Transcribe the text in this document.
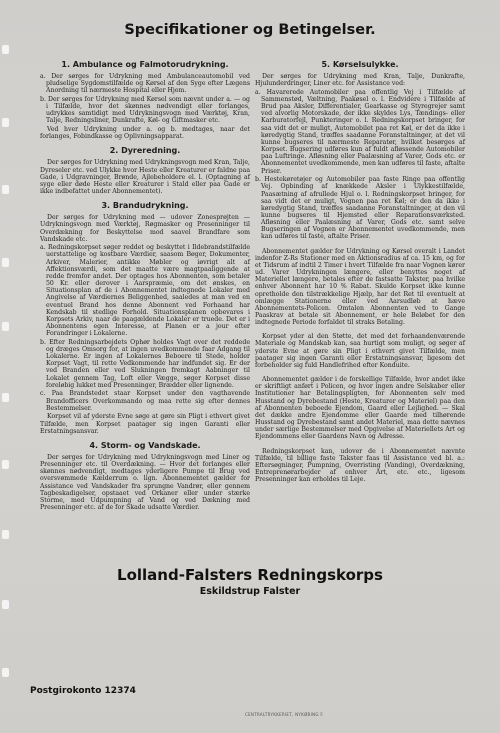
Specifikationer og Betingelser.
1. Ambulance og Falmotorudrykning.

a. Der sørges for Udrykning med Ambulanceautomobil ved pludselige Sygdomstilfælde og Kørsel af den Syge efter Lægens Anordning til nærmeste Hospital eller Hjem.

b. Der sørges for Udrykning med Kørsel som nævnt under a. — og i Tilfælde, hvor det skønnes nødvendigt eller forlanges, udrykkes samtidigt med Udrykningsvogn med Værktøj, Kran, Talje, Redningsliner, Dunkrafte, Køl- og Giftmasker etc.

Ved hver Udrykning under a. og b. medtages, naar det forlanges, Fobindkasse og Oplivningsapparat.

2. Dyreredning.

Der sørges for Udrykning med Udrykningsvogn med Kran, Talje, Dyreseler etc. ved Ulykke hvor Heste eller Kreaturer er faldne paa Gade, i Udgravninger, Brønde, Ajlebeholdere el. l. (Optagning af syge eller døde Heste eller Kreaturer i Stald eller paa Gade er ikke indbefattet under Abonnementet).

3. Brandudrykning.

Der sørges for Udrykning med — udover Zonesprøjten — Udrykningsvogn med Værktøj, Røgmasker og Presenninger til Overdækning for Beskyttelse mod saavel Brandfare som Vandskade etc.

a. Redningskorpset søger reddet og beskyttet i Ildebrandstilfælde uerstattelige og kostbare Værdier, saasom Bøger, Dokumenter, Arkiver, Malerier, antikke Møbler og iøvrigt alt af Affektionsværdi, som det maatte være magtpaaliggende at redde fremfor andet. Der optages hos Abonnenten, som betaler 50 Kr. eller derover i Aarspræmie, om det ønskes, en Situationsplan af de i Abonnementet indtegnede Lokaler med Angivelse af Værdiernes Beliggenhed, saaledes at man ved en eventuel Brand hos denne Abonnent ved Forhaand har Kendskab til stedlige Forhold. Situationsplanen opbevares i Korpsets Arkiv, naar de paagældende Lokaler er truede. Det er i Abonnentens egen Interesse, at Planen er a jour efter Forandringer i Lokalerne.

b. Efter Redningsarbejdets Ophør holdes Vagt over det reddede og dræges Omsorg for, at ingen uvedkommende faar Adgang til Lokalerne. Er ingen af Lokalernes Beboere til Stede, holder Korpset Vagt, til rette Vedkommende har indfundet sig. Er der ved Branden eller ved Slukningen fremkagt Aabninger til Lokalet gennem Tag, Loft eller Vægge, søger Korpset disse foreløbig lukket med Presenninger, Brædder eller lignende.

c. Paa Brandstedet staar Korpset under den vagthavende Brandofficers Overkommando og maa rette sig efter dennes Bestemmelser.

Korpset vil af yderste Evne søge at gøre sin Pligt i ethvert givet Tilfælde, men Korpset paatager sig ingen Garanti eller Erstatningsansvar.

4. Storm- og Vandskade.

Der sørges for Udrykning med Udrykningsvogn med Liner og Presenninger etc. til Overdækning. — Hvor det forlanges eller skønnes nødvendigt, medtages yderligere Pumpe til Brug ved oversvømmede Kælderrum o. lign. Abonnementet gælder for Assistance ved Vandskader fra sprungne Vandrør, eller gennem Tagbeskadigelser, opstaaet ved Orkaner eller under stærke Storme, med Udpumpning af Vand og ved Dækning med Presenninger etc. af de for Skade udsatte Værdier.

5. Kørselsulykke.

Der sørges for Udrykning med Kran, Talje, Dunkrafte, Hjulunderdringer, Liner etc. for Assistance ved:

a. Havarerede Automobiler paa offentlig Vej i Tilfælde af Sammenstød, Væltning, Paakøsel o. l. Endvidere i Tilfælde af Brud paa Aksler, Differentialer, Gearkasse og Styregrejer samt ved alvorlig Motorskade, der ikke skyldes Lys, Tændings- eller Karburatorfejl, Punkteringer o. l. Redningskorpset bringer, for saa vidt det er muligt, Automobilet paa ret Køl, er det da ikke i køredygtig Stand, træffes saadanne Foranstaltninger, at det vil kunne bugseres til nærmeste Reparatør, hvilket besørges af Korpset. Bugsering udføres kun af fuldt afløssende Automobiler paa Luftringe. Afløsning eller Paalæsning af Varer, Gods etc. er Abonnementet uvedkommende, men kan udføres til faste, aftalte Priser.

b. Hestekøretøjer og Automobiler paa faste Ringe paa offentlig Vej. Opbinding af knækkede Aksler i Ulykkestilfælde, Paasætning af afrullede Hjul o. l. Redningskorpset bringer, for saa vidt det er muligt, Vognen paa ret Køl; er den da ikke i køredygtig Stand, træffes saadanne Foranstaltninger, at den vil kunne bugseres til Hjemsted eller Reparationsværksted. Afløsning eller Paalæsning af Varer, Gods etc. samt selve Bugseringen af Vognen er Abonnementet uvedkommende, men kan udføres til faste, aftalte Priser.

Abonnementet gælder for Udrykning og Kørsel overalt i Landet indenfor Z-Rs Stationer med en Aktionsradius af ca. 15 km, og for et Tidsrum af indtil 2 Timer i hvert Tilfælde fra naar Vognen kører ud. Varer Udrykningen længere, eller benyttes noget af Materiellet længere, betales efter de fastsatte Takster, paa hvilke enhver Abonnent har 10 % Rabat. Skulde Korpset ikke kunne opretholde den tilstrækkelige Hjælp, har det Ret til eventuelt at omlægge Stationerne eller ved Aarsudløb at hæve Abonnementets-Policen. Omtalen Abonnenten ved to Gange Paaskrav at betale sit Abonnement, er hele Beløbet for den indtegnede Periode forfaldet til straks Betaling.

Korpset yder al den Støtte, det med det forhaandenværende Materiale og Mandskab kan, saa hurtigt som muligt, og søger af yderste Evne at gøre sin Pligt i ethvert givet Tilfælde, men paatager sig ingen Garanti eller Erstatningsansvar, ligesom det forbeholder sig fuld Handlefrihed efter Konduite.

Abonnementet gælder i de forskellige Tilfælde, hvor andet ikke er skriftligt anført i Policen, og hvor ingen andre Selskaber eller Institutioner har Betalingspligten, for Abonnenten selv med Husstand og Dyrebestand (Heste, Kreaturer og Materiel) paa den af Abonnenten beboede Ejendom, Gaard eller Lejlighed. — Skal det dække andre Ejendomme eller Gaarde med tilhørende Husstand og Dyrebestand samt andet Materiel, maa dette nævnes under særlige Bestemmelser med Opgivelse af Materiellets Art og Ejendommens eller Gaardens Navn og Adresse.

Redningskorpset kan, udover de i Abonnementet nævnte Tilfælde, til billige faste Takster faas til Assistance ved bl. a.: Eftersøgninger, Pumpning, Overristing (Vanding), Overdækning, Entreprenørarbejder af enhver Art, etc. etc., ligesom Presenninger kan erholdes til Leje.

Lolland-Falsters Redningskorps
Eskildstrup Falster
Postgirokonto 12374
CENTRALTRYKKERIET, NYKØBING F.
